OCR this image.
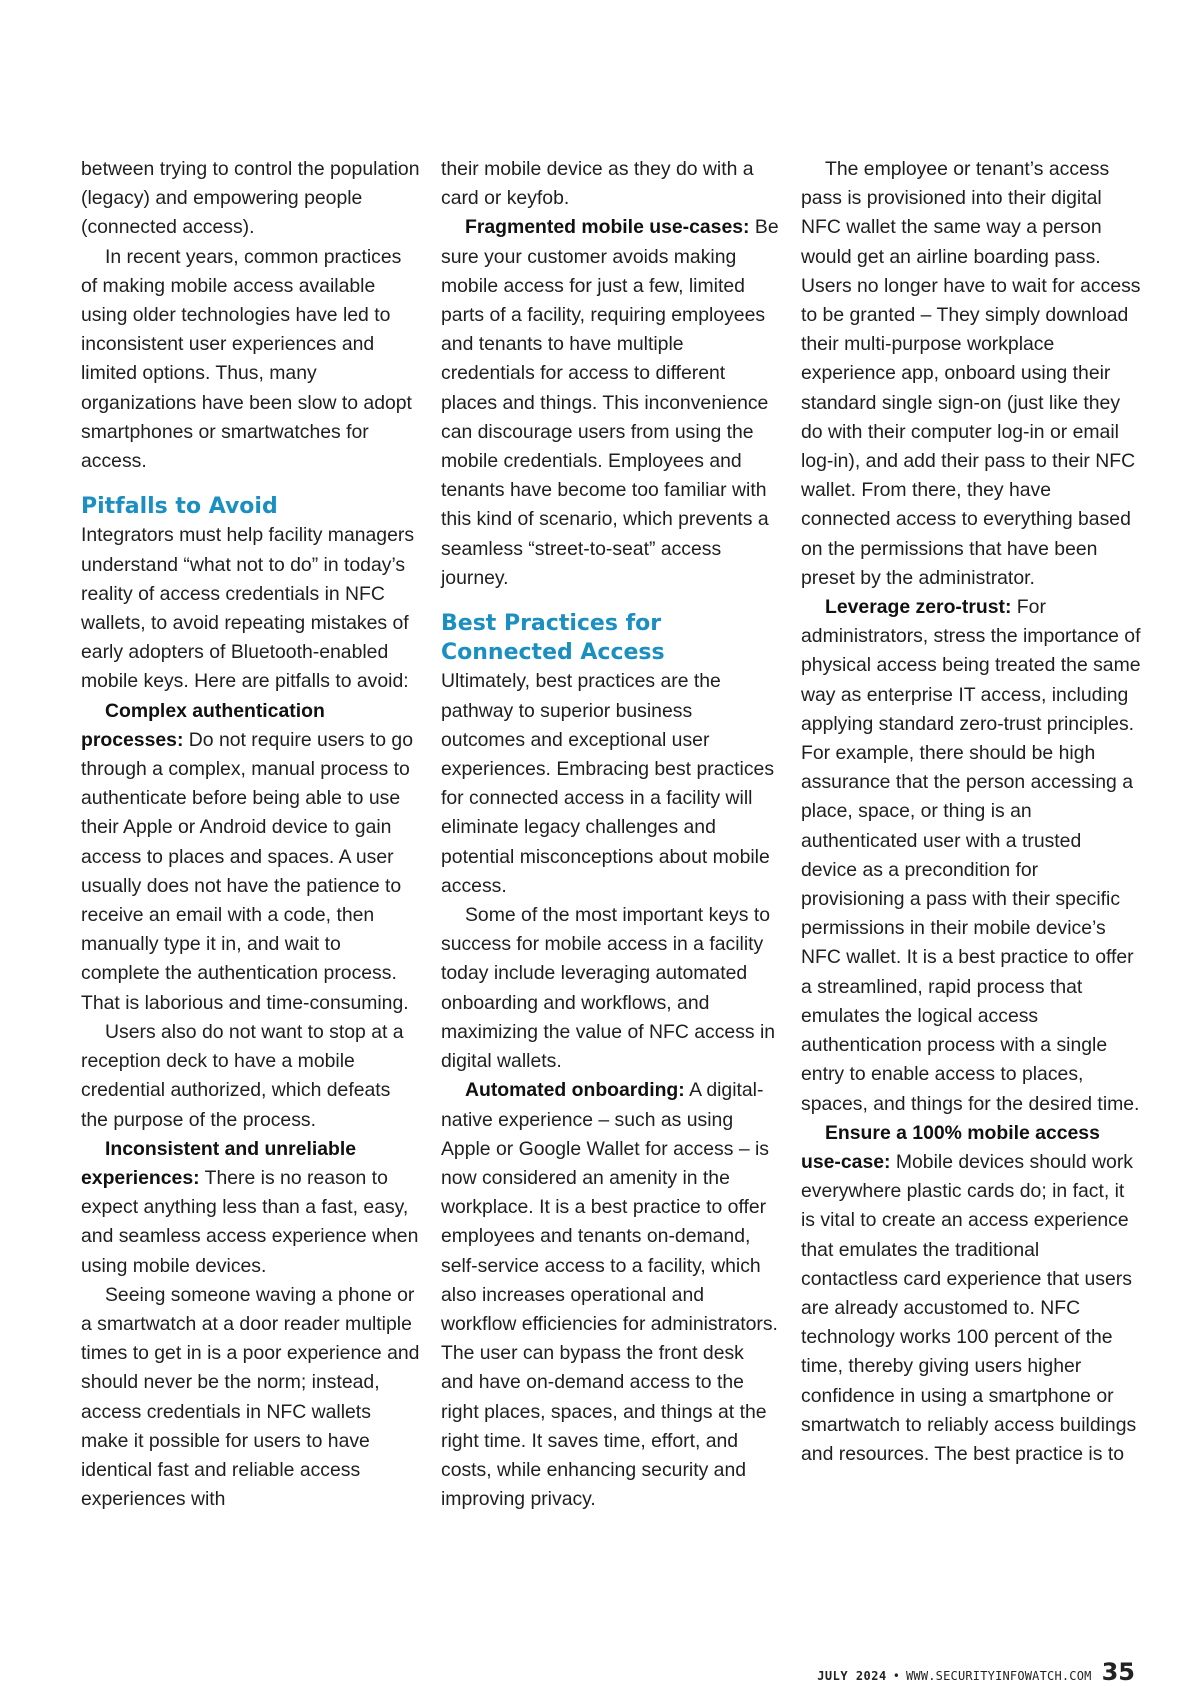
between trying to control the population (legacy) and empowering people (connected access).

In recent years, common practices of making mobile access available using older technologies have led to inconsistent user experiences and limited options. Thus, many organizations have been slow to adopt smartphones or smartwatches for access.

Pitfalls to Avoid

Integrators must help facility managers understand “what not to do” in today’s reality of access credentials in NFC wallets, to avoid repeating mistakes of early adopters of Bluetooth-enabled mobile keys. Here are pitfalls to avoid:

Complex authentication processes: Do not require users to go through a complex, manual process to authenticate before being able to use their Apple or Android device to gain access to places and spaces. A user usually does not have the patience to receive an email with a code, then manually type it in, and wait to complete the authentication process. That is laborious and time-consuming.

Users also do not want to stop at a reception deck to have a mobile credential authorized, which defeats the purpose of the process.

Inconsistent and unreliable experiences: There is no reason to expect anything less than a fast, easy, and seamless access experience when using mobile devices.

Seeing someone waving a phone or a smartwatch at a door reader multiple times to get in is a poor experience and should never be the norm; instead, access credentials in NFC wallets make it possible for users to have identical fast and reliable access experiences with

their mobile device as they do with a card or keyfob.

Fragmented mobile use-cases: Be sure your customer avoids making mobile access for just a few, limited parts of a facility, requiring employees and tenants to have multiple credentials for access to different places and things. This inconvenience can discourage users from using the mobile credentials. Employees and tenants have become too familiar with this kind of scenario, which prevents a seamless “street-to-seat” access journey.

Best Practices for Connected Access

Ultimately, best practices are the pathway to superior business outcomes and exceptional user experiences. Embracing best practices for connected access in a facility will eliminate legacy challenges and potential misconceptions about mobile access.

Some of the most important keys to success for mobile access in a facility today include leveraging automated onboarding and workflows, and maximizing the value of NFC access in digital wallets.

Automated onboarding: A digital-native experience – such as using Apple or Google Wallet for access – is now considered an amenity in the workplace. It is a best practice to offer employees and tenants on-demand, self-service access to a facility, which also increases operational and workflow efficiencies for administrators. The user can bypass the front desk and have on-demand access to the right places, spaces, and things at the right time. It saves time, effort, and costs, while enhancing security and improving privacy.

The employee or tenant’s access pass is provisioned into their digital NFC wallet the same way a person would get an airline boarding pass. Users no longer have to wait for access to be granted – They simply download their multi-purpose workplace experience app, onboard using their standard single sign-on (just like they do with their computer log-in or email log-in), and add their pass to their NFC wallet. From there, they have connected access to everything based on the permissions that have been preset by the administrator.

Leverage zero-trust: For administrators, stress the importance of physical access being treated the same way as enterprise IT access, including applying standard zero-trust principles. For example, there should be high assurance that the person accessing a place, space, or thing is an authenticated user with a trusted device as a precondition for provisioning a pass with their specific permissions in their mobile device’s NFC wallet. It is a best practice to offer a streamlined, rapid process that emulates the logical access authentication process with a single entry to enable access to places, spaces, and things for the desired time.

Ensure a 100% mobile access use-case: Mobile devices should work everywhere plastic cards do; in fact, it is vital to create an access experience that emulates the traditional contactless card experience that users are already accustomed to. NFC technology works 100 percent of the time, thereby giving users higher confidence in using a smartphone or smartwatch to reliably access buildings and resources. The best practice is to

JULY 2024 • WWW.SECURITYINFOWATCH.COM 35
